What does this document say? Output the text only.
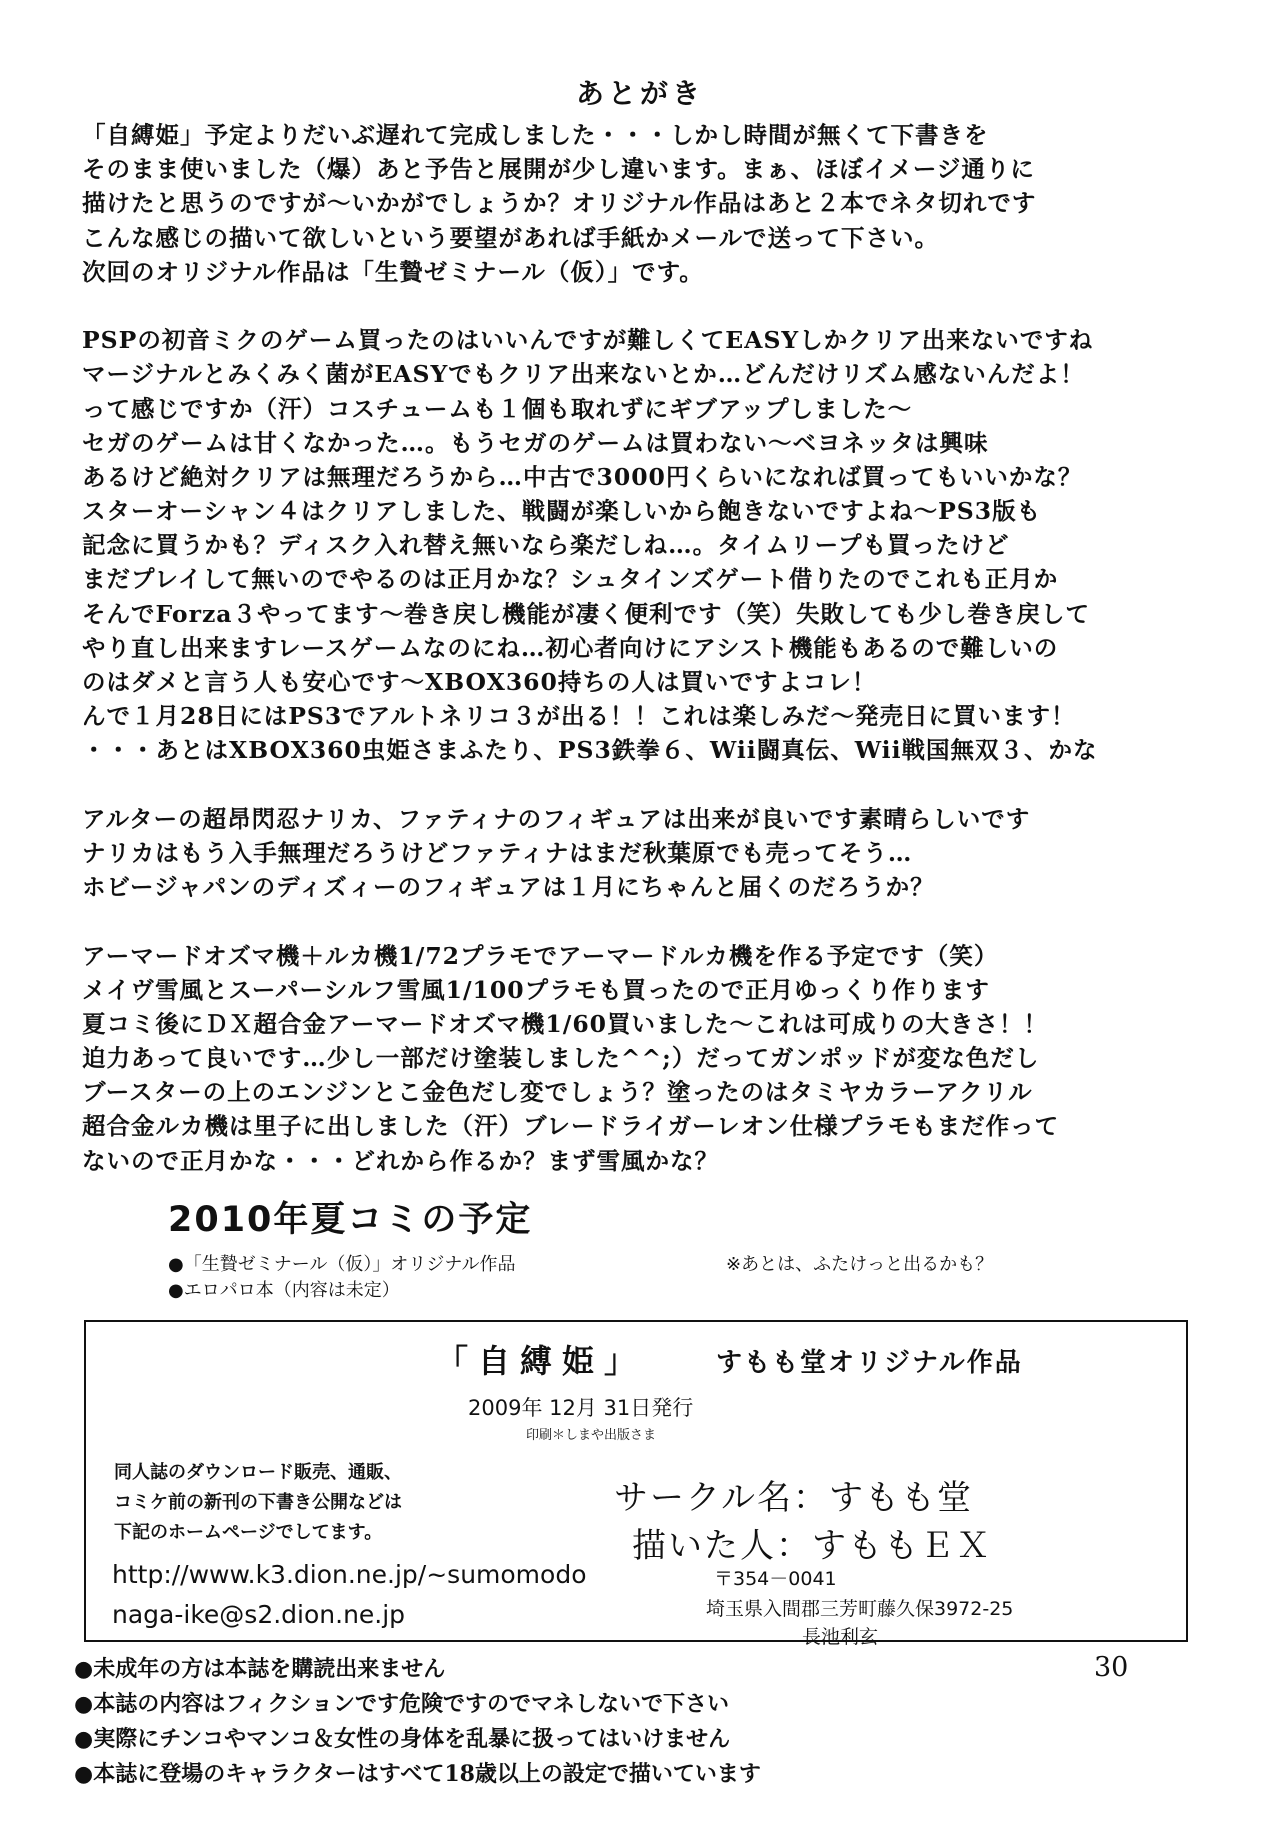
あとがき
「自縛姫」予定よりだいぶ遅れて完成しました・・・しかし時間が無くて下書きを
そのまま使いました（爆）あと予告と展開が少し違います。まぁ、ほぼイメージ通りに
描けたと思うのですが〜いかがでしょうか？オリジナル作品はあと２本でネタ切れです
こんな感じの描いて欲しいという要望があれば手紙かメールで送って下さい。
次回のオリジナル作品は「生贄ゼミナール（仮）」です。
PSPの初音ミクのゲーム買ったのはいいんですが難しくてEASYしかクリア出来ないですね
マージナルとみくみく菌がEASYでもクリア出来ないとか…どんだけリズム感ないんだよ！
って感じですか（汗）コスチュームも１個も取れずにギブアップしました〜
セガのゲームは甘くなかった…。もうセガのゲームは買わない〜ベヨネッタは興味
あるけど絶対クリアは無理だろうから…中古で3000円くらいになれば買ってもいいかな？
スターオーシャン４はクリアしました、戦闘が楽しいから飽きないですよね〜PS3版も
記念に買うかも？ディスク入れ替え無いなら楽だしね…。タイムリープも買ったけど
まだプレイして無いのでやるのは正月かな？シュタインズゲート借りたのでこれも正月か
そんでForza３やってます〜巻き戻し機能が凄く便利です（笑）失敗しても少し巻き戻して
やり直し出来ますレースゲームなのにね…初心者向けにアシスト機能もあるので難しいの
のはダメと言う人も安心です〜XBOX360持ちの人は買いですよコレ！
んで１月28日にはPS3でアルトネリコ３が出る！！これは楽しみだ〜発売日に買います！
・・・あとはXBOX360虫姫さまふたり、PS3鉄拳６、Wii闘真伝、Wii戦国無双３、かな
アルターの超昂閃忍ナリカ、ファティナのフィギュアは出来が良いです素晴らしいです
ナリカはもう入手無理だろうけどファティナはまだ秋葉原でも売ってそう…
ホビージャパンのディズィーのフィギュアは１月にちゃんと届くのだろうか？
アーマードオズマ機＋ルカ機1/72プラモでアーマードルカ機を作る予定です（笑）
メイヴ雪風とスーパーシルフ雪風1/100プラモも買ったので正月ゆっくり作ります
夏コミ後にＤＸ超合金アーマードオズマ機1/60買いました〜これは可成りの大きさ！！
迫力あって良いです…少し一部だけ塗装しました^^;）だってガンポッドが変な色だし
ブースターの上のエンジンとこ金色だし変でしょう？塗ったのはタミヤカラーアクリル
超合金ルカ機は里子に出しました（汗）ブレードライガーレオン仕様プラモもまだ作って
ないので正月かな・・・どれから作るか？まず雪風かな？
2010年夏コミの予定
●「生贄ゼミナール（仮）」オリジナル作品
●エロパロ本（内容は未定）
※あとは、ふたけっと出るかも？
「自縛姫」	すもも堂オリジナル作品
2009年 12月 31日発行
印刷＊しまや出版さま
同人誌のダウンロード販売、通販、
コミケ前の新刊の下書き公開などは
下記のホームページでしてます。
サークル名：すもも堂
描いた人：すももＥＸ
http://www.k3.dion.ne.jp/~sumomodo
naga-ike@s2.dion.ne.jp
〒354－0041
埼玉県入間郡三芳町藤久保3972-25
長池利玄
●未成年の方は本誌を購読出来ません
●本誌の内容はフィクションです危険ですのでマネしないで下さい
●実際にチンコやマンコ＆女性の身体を乱暴に扱ってはいけません
●本誌に登場のキャラクターはすべて18歳以上の設定で描いています
30
